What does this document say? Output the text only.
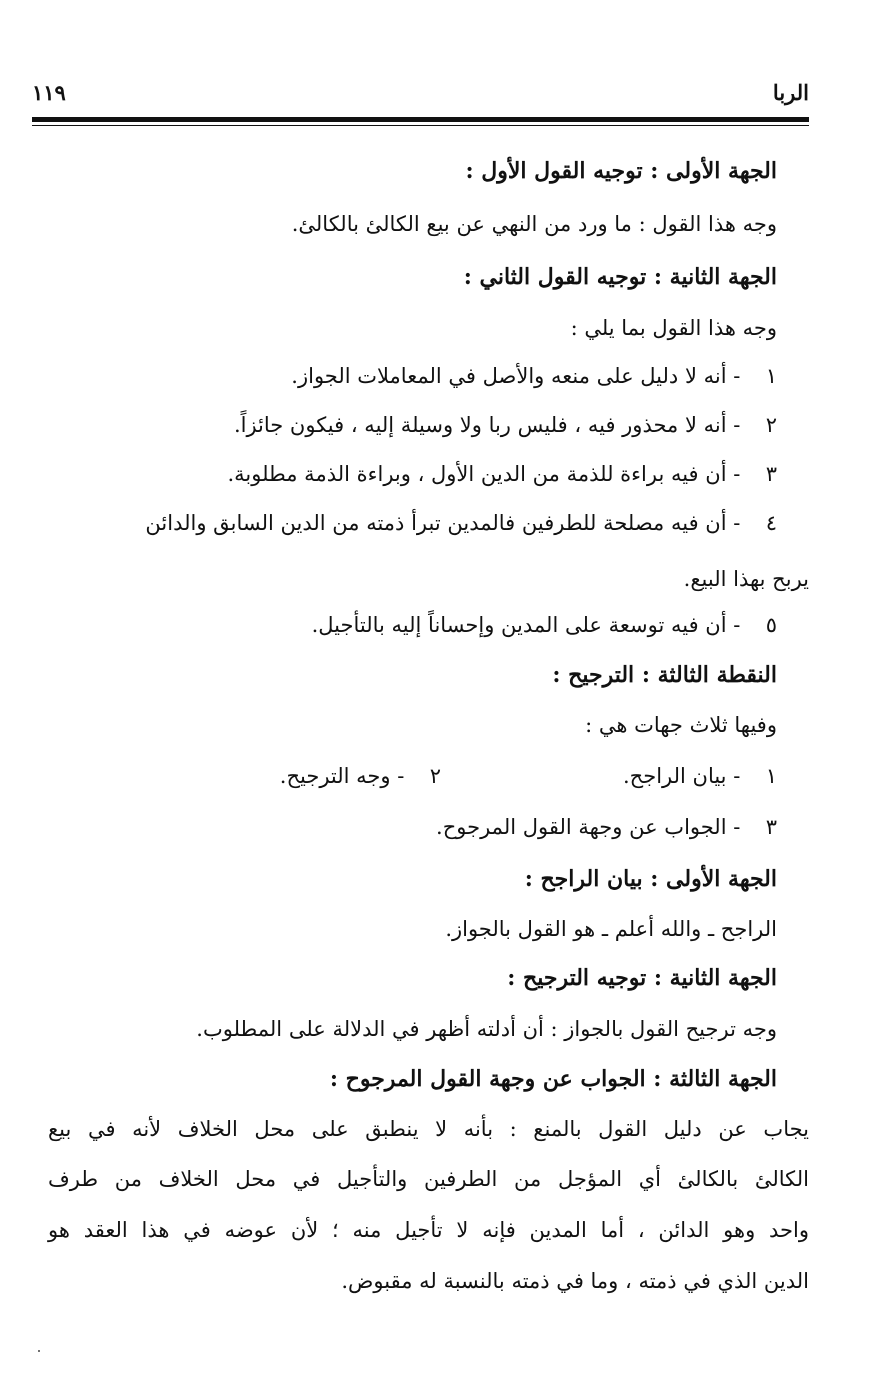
الربا
١١٩
الجهة الأولى : توجيه القول الأول :
وجه هذا القول : ما ورد من النهي عن بيع الكالئ بالكالئ.
الجهة الثانية : توجيه القول الثاني :
وجه هذا القول بما يلي :
١ - أنه لا دليل على منعه والأصل في المعاملات الجواز.
٢ - أنه لا محذور فيه ، فليس ربا ولا وسيلة إليه ، فيكون جائزاً.
٣ - أن فيه براءة للذمة من الدين الأول ، وبراءة الذمة مطلوبة.
٤ - أن فيه مصلحة للطرفين فالمدين تبرأ ذمته من الدين السابق والدائن
يربح بهذا البيع.
٥ - أن فيه توسعة على المدين وإحساناً إليه بالتأجيل.
النقطة الثالثة : الترجيح :
وفيها ثلاث جهات هي :
١ - بيان الراجح.
٢ - وجه الترجيح.
٣ - الجواب عن وجهة القول المرجوح.
الجهة الأولى : بيان الراجح :
الراجح ـ والله أعلم ـ هو القول بالجواز.
الجهة الثانية : توجيه الترجيح :
وجه ترجيح القول بالجواز : أن أدلته أظهر في الدلالة على المطلوب.
الجهة الثالثة : الجواب عن وجهة القول المرجوح :
يجاب عن دليل القول بالمنع : بأنه لا ينطبق على محل الخلاف لأنه في بيع
الكالئ بالكالئ أي المؤجل من الطرفين والتأجيل في محل الخلاف من طرف
واحد وهو الدائن ، أما المدين فإنه لا تأجيل منه ؛ لأن عوضه في هذا العقد هو
الدين الذي في ذمته ، وما في ذمته بالنسبة له مقبوض.
